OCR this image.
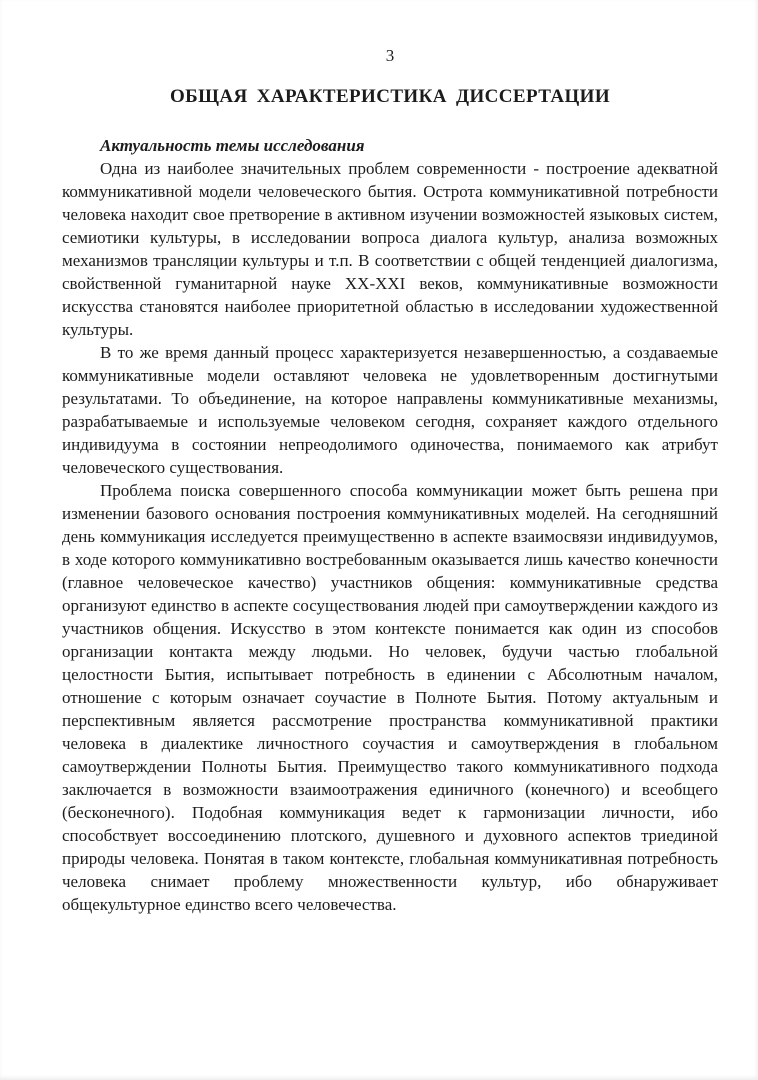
3
ОБЩАЯ ХАРАКТЕРИСТИКА ДИССЕРТАЦИИ

Актуальность темы исследования

Одна из наиболее значительных проблем современности - построение адекватной коммуникативной модели человеческого бытия. Острота коммуникативной потребности человека находит свое претворение в активном изучении возможностей языковых систем, семиотики культуры, в исследовании вопроса диалога культур, анализа возможных механизмов трансляции культуры и т.п. В соответствии с общей тенденцией диалогизма, свойственной гуманитарной науке XX-XXI веков, коммуникативные возможности искусства становятся наиболее приоритетной областью в исследовании художественной культуры.

В то же время данный процесс характеризуется незавершенностью, а создаваемые коммуникативные модели оставляют человека не удовлетворенным достигнутыми результатами. То объединение, на которое направлены коммуникативные механизмы, разрабатываемые и используемые человеком сегодня, сохраняет каждого отдельного индивидуума в состоянии непреодолимого одиночества, понимаемого как атрибут человеческого существования.

Проблема поиска совершенного способа коммуникации может быть решена при изменении базового основания построения коммуникативных моделей. На сегодняшний день коммуникация исследуется преимущественно в аспекте взаимосвязи индивидуумов, в ходе которого коммуникативно востребованным оказывается лишь качество конечности (главное человеческое качество) участников общения: коммуникативные средства организуют единство в аспекте сосуществования людей при самоутверждении каждого из участников общения. Искусство в этом контексте понимается как один из способов организации контакта между людьми. Но человек, будучи частью глобальной целостности Бытия, испытывает потребность в единении с Абсолютным началом, отношение с которым означает соучастие в Полноте Бытия. Потому актуальным и перспективным является рассмотрение пространства коммуникативной практики человека в диалектике личностного соучастия и самоутверждения в глобальном самоутверждении Полноты Бытия. Преимущество такого коммуникативного подхода заключается в возможности взаимоотражения единичного (конечного) и всеобщего (бесконечного). Подобная коммуникация ведет к гармонизации личности, ибо способствует воссоединению плотского, душевного и духовного аспектов триединой природы человека. Понятая в таком контексте, глобальная коммуникативная потребность человека снимает проблему множественности культур, ибо обнаруживает общекультурное единство всего человечества.
